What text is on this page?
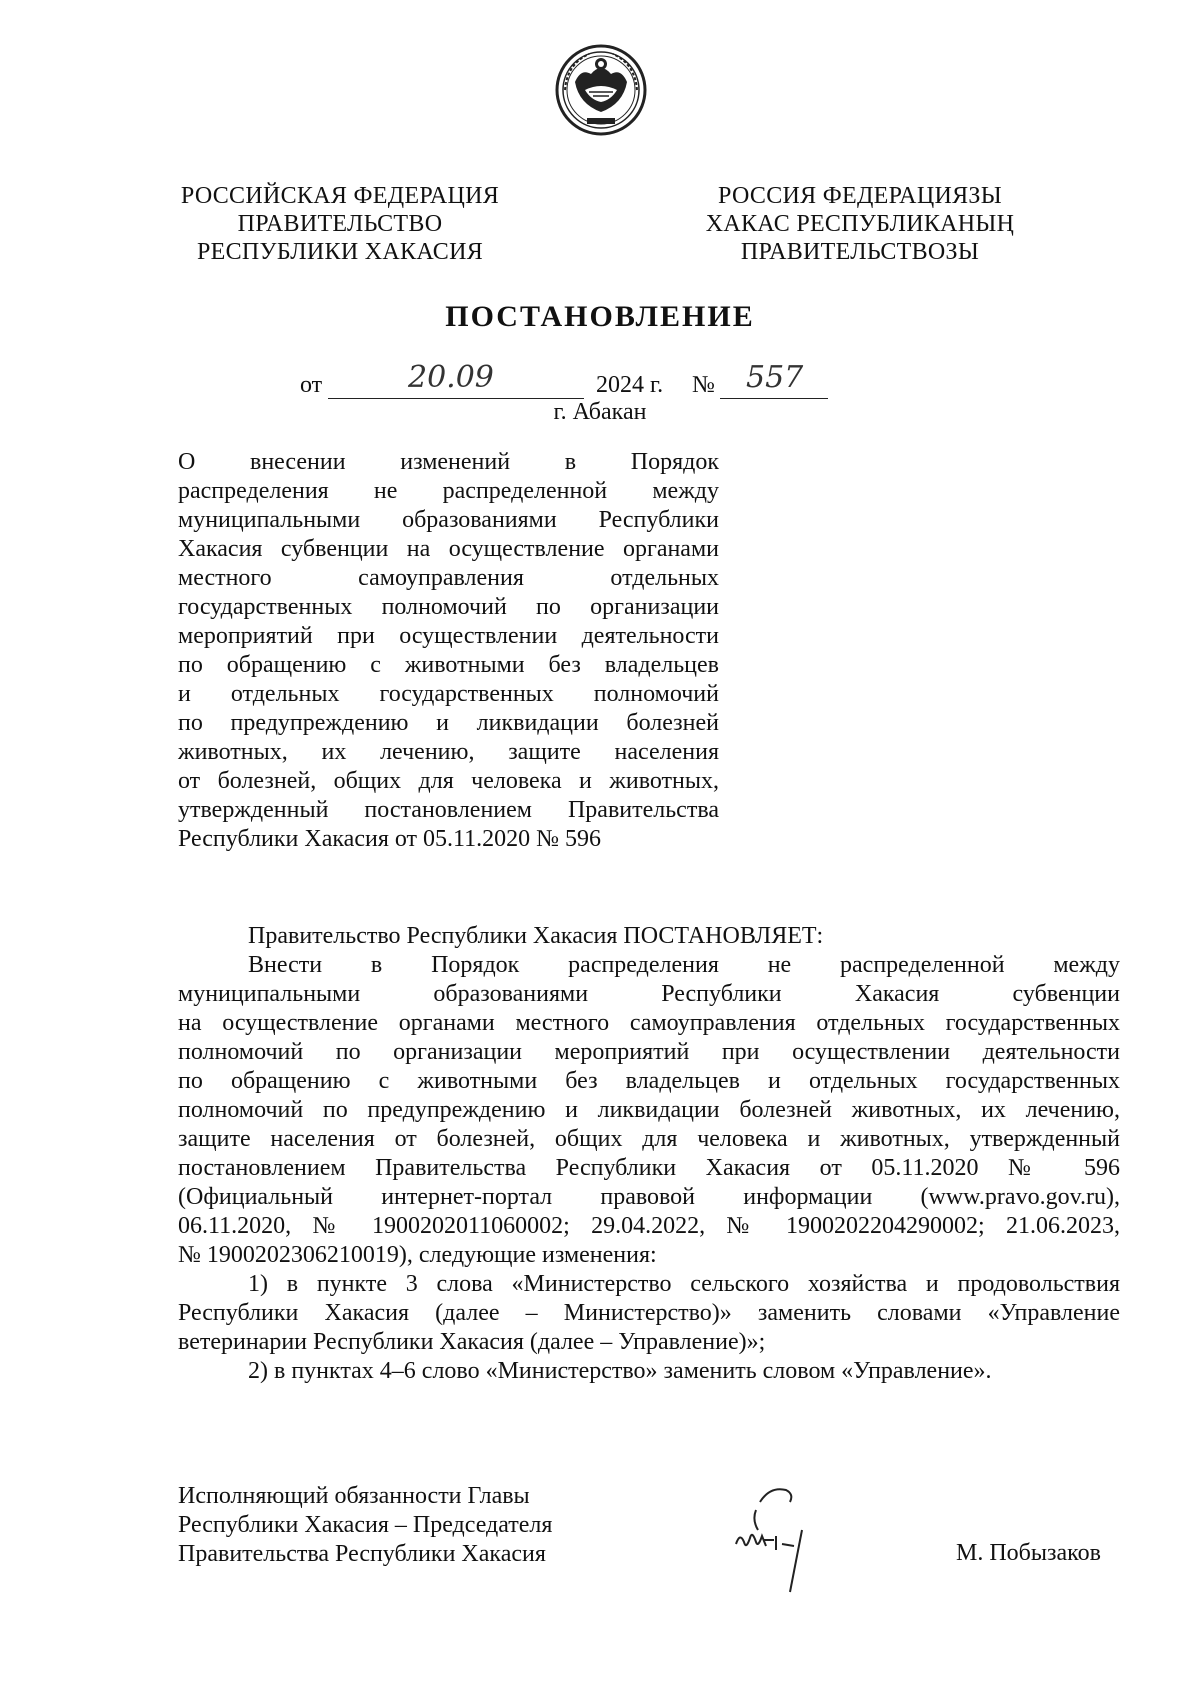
РОССИЙСКАЯ ФЕДЕРАЦИЯ
ПРАВИТЕЛЬСТВО
РЕСПУБЛИКИ ХАКАСИЯ
РОССИЯ ФЕДЕРАЦИЯЗЫ
ХАКАС РЕСПУБЛИКАНЫҢ
ПРАВИТЕЛЬСТВОЗЫ
ПОСТАНОВЛЕНИЕ
от	20.09	2024 г. № 557
г. Абакан
О внесении изменений в Порядок
распределения не распределенной между
муниципальными образованиями Республики
Хакасия субвенции на осуществление органами
местного самоуправления отдельных
государственных полномочий по организации
мероприятий при осуществлении деятельности
по обращению с животными без владельцев
и отдельных государственных полномочий
по предупреждению и ликвидации болезней
животных, их лечению, защите населения
от болезней, общих для человека и животных,
утвержденный постановлением Правительства
Республики Хакасия от 05.11.2020 № 596
Правительство Республики Хакасия ПОСТАНОВЛЯЕТ:
Внести в Порядок распределения не распределенной между
муниципальными образованиями Республики Хакасия субвенции
на осуществление органами местного самоуправления отдельных государственных
полномочий по организации мероприятий при осуществлении деятельности
по обращению с животными без владельцев и отдельных государственных
полномочий по предупреждению и ликвидации болезней животных, их лечению,
защите населения от болезней, общих для человека и животных, утвержденный
постановлением Правительства Республики Хакасия от 05.11.2020 № 596
(Официальный интернет-портал правовой информации (www.pravo.gov.ru),
06.11.2020, № 1900202011060002; 29.04.2022, № 1900202204290002; 21.06.2023,
№ 1900202306210019), следующие изменения:
1) в пункте 3 слова «Министерство сельского хозяйства и продовольствия
Республики Хакасия (далее – Министерство)» заменить словами «Управление
ветеринарии Республики Хакасия (далее – Управление)»;
2) в пунктах 4–6 слово «Министерство» заменить словом «Управление».
Исполняющий обязанности Главы
Республики Хакасия – Председателя
Правительства Республики Хакасия	М. Побызаков
